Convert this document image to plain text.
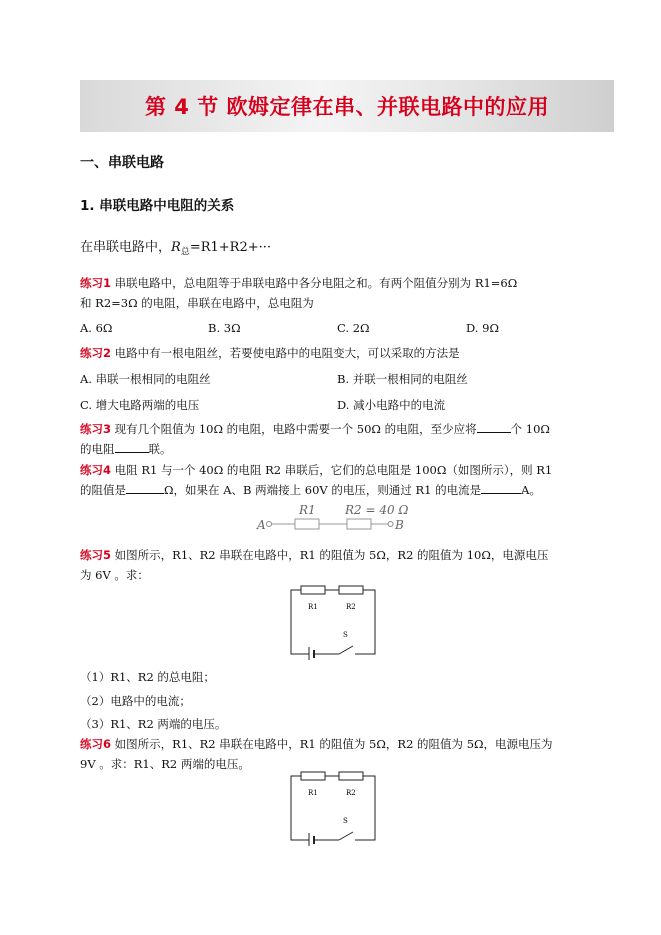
第 4 节 欧姆定律在串、并联电路中的应用
一、串联电路
1. 串联电路中电阻的关系
在串联电路中，$R_总=R1+R2+\cdot\cdot\cdot$
练习1 串联电路中，总电阻等于串联电路中各分电阻之和。有两个阻值分别为 R1=6Ω
和 R2=3Ω 的电阻，串联在电路中，总电阻为
A. 6Ω	B. 3Ω	C. 2Ω	D. 9Ω
练习2 电路中有一根电阻丝，若要使电路中的电阻变大，可以采取的方法是
A. 串联一根相同的电阻丝	B. 并联一根相同的电阻丝
C. 增大电路两端的电压	D. 减小电路中的电流
练习3 现有几个阻值为 10Ω 的电阻，电路中需要一个 50Ω 的电阻，至少应将	个 10Ω
的电阻	联。
练习4 电阻 R1 与一个 40Ω 的电阻 R2 串联后，它们的总电阻是 100Ω（如图所示），则 R1
的阻值是	Ω，如果在 A、B 两端接上 60V 的电压，则通过 R1 的电流是	A。
R1 R2 = 40 Ω
A	B
练习5 如图所示，R1、R2 串联在电路中，R1 的阻值为 5Ω，R2 的阻值为 10Ω，电源电压
为 6V 。求：
R1	R2
S
（1）R1、R2 的总电阻；
（2）电路中的电流；
（3）R1、R2 两端的电压。
练习6 如图所示，R1、R2 串联在电路中，R1 的阻值为 5Ω，R2 的阻值为 5Ω，电源电压为
9V 。求：R1、R2 两端的电压。
R1	R2
S
